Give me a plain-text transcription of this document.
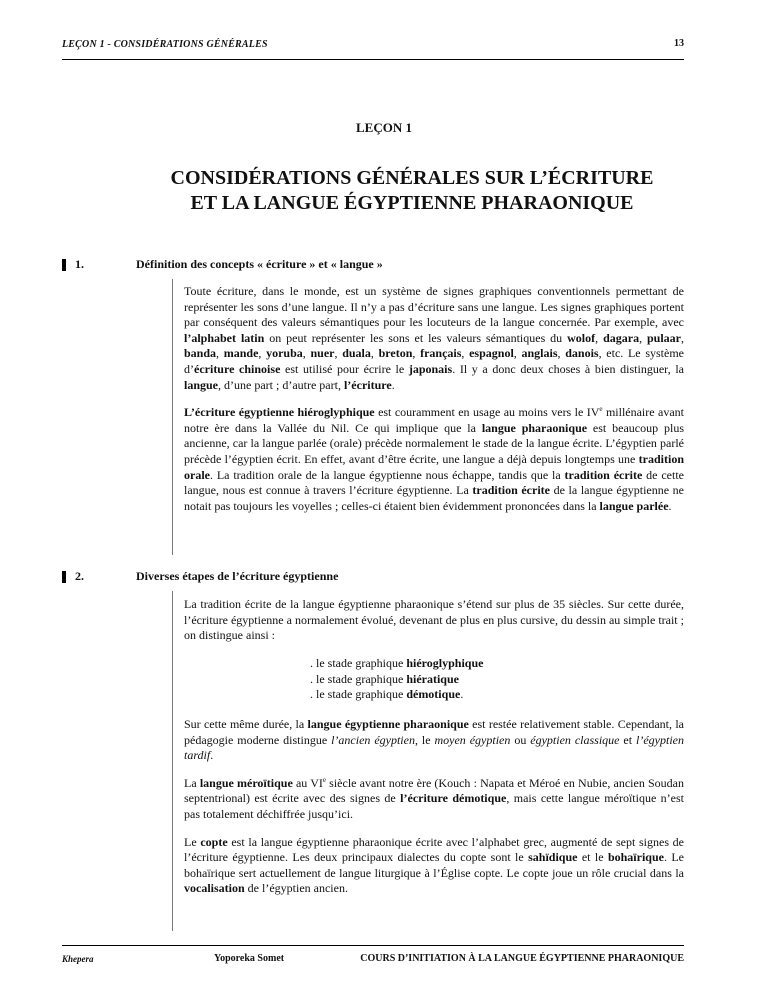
LEÇON 1 - CONSIDÉRATIONS GÉNÉRALES	13
LEÇON 1
CONSIDÉRATIONS GÉNÉRALES SUR L’ÉCRITURE
ET LA LANGUE ÉGYPTIENNE PHARAONIQUE
1.	Définition des concepts « écriture » et « langue »

Toute écriture, dans le monde, est un système de signes graphiques conventionnels permettant de représenter les sons d’une langue. Il n’y a pas d’écriture sans une langue. Les signes graphiques portent par conséquent des valeurs sémantiques pour les locuteurs de la langue concernée. Par exemple, avec l’alphabet latin on peut représenter les sons et les valeurs sémantiques du wolof, dagara, pulaar, banda, mande, yoruba, nuer, duala, breton, français, espagnol, anglais, danois, etc. Le système d’écriture chinoise est utilisé pour écrire le japonais. Il y a donc deux choses à bien distinguer, la langue, d’une part ; d’autre part, l’écriture.

L’écriture égyptienne hiéroglyphique est couramment en usage au moins vers le IVe millénaire avant notre ère dans la Vallée du Nil. Ce qui implique que la langue pharaonique est beaucoup plus ancienne, car la langue parlée (orale) précède normalement le stade de la langue écrite. L’égyptien parlé précède l’égyptien écrit. En effet, avant d’être écrite, une langue a déjà depuis longtemps une tradition orale. La tradition orale de la langue égyptienne nous échappe, tandis que la tradition écrite de cette langue, nous est connue à travers l’écriture égyptienne. La tradition écrite de la langue égyptienne ne notait pas toujours les voyelles ; celles-ci étaient bien évidemment prononcées dans la langue parlée.

2.	Diverses étapes de l’écriture égyptienne

La tradition écrite de la langue égyptienne pharaonique s’étend sur plus de 35 siècles. Sur cette durée, l’écriture égyptienne a normalement évolué, devenant de plus en plus cursive, du dessin au simple trait ; on distingue ainsi :

. le stade graphique hiéroglyphique
. le stade graphique hiératique
. le stade graphique démotique.

Sur cette même durée, la langue égyptienne pharaonique est restée relativement stable. Cependant, la pédagogie moderne distingue l’ancien égyptien, le moyen égyptien ou égyptien classique et l’égyptien tardif.

La langue méroïtique au VIe siècle avant notre ère (Kouch : Napata et Méroé en Nubie, ancien Soudan septentrional) est écrite avec des signes de l’écriture démotique, mais cette langue méroïtique n’est pas totalement déchiffrée jusqu’ici.

Le copte est la langue égyptienne pharaonique écrite avec l’alphabet grec, augmenté de sept signes de l’écriture égyptienne. Les deux principaux dialectes du copte sont le sahïdique et le bohaïrique. Le bohaïrique sert actuellement de langue liturgique à l’Église copte. Le copte joue un rôle crucial dans la vocalisation de l’égyptien ancien.

Khepera	Yoporeka Somet	COURS D’INITIATION À LA LANGUE ÉGYPTIENNE PHARAONIQUE
